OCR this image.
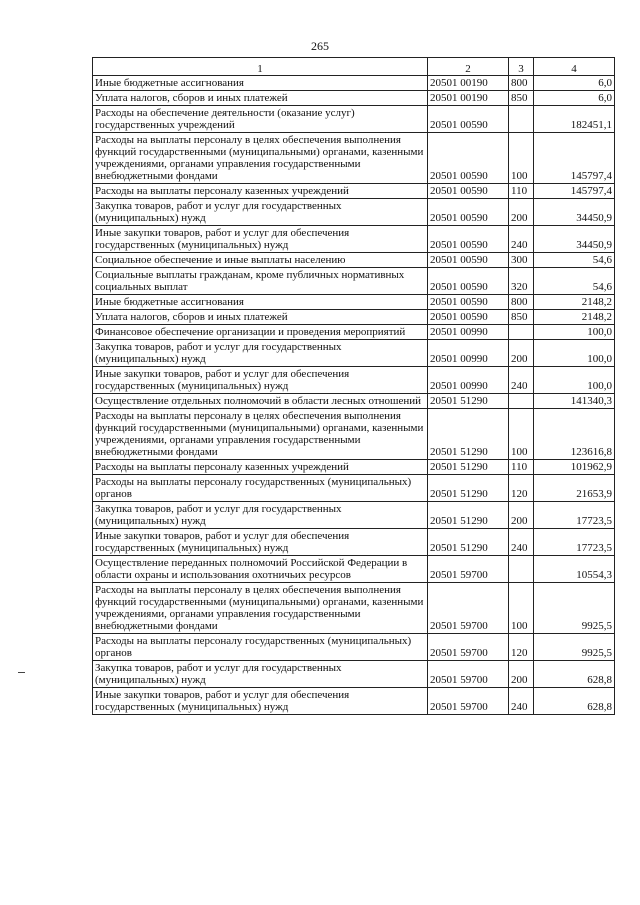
265
1	2	3	4
Иные бюджетные ассигнования	20501 00190	800	6,0
Уплата налогов, сборов и иных платежей	20501 00190	850	6,0
Расходы на обеспечение деятельности (оказание услуг) государственных учреждений	20501 00590		182451,1
Расходы на выплаты персоналу в целях обеспечения выполнения функций государственными (муниципальными) органами, казенными учреждениями, органами управления государственными внебюджетными фондами	20501 00590	100	145797,4
Расходы на выплаты персоналу казенных учреждений	20501 00590	110	145797,4
Закупка товаров, работ и услуг для государственных (муниципальных) нужд	20501 00590	200	34450,9
Иные закупки товаров, работ и услуг для обеспечения государственных (муниципальных) нужд	20501 00590	240	34450,9
Социальное обеспечение и иные выплаты населению	20501 00590	300	54,6
Социальные выплаты гражданам, кроме публичных нормативных социальных выплат	20501 00590	320	54,6
Иные бюджетные ассигнования	20501 00590	800	2148,2
Уплата налогов, сборов и иных платежей	20501 00590	850	2148,2
Финансовое обеспечение организации и проведения мероприятий	20501 00990		100,0
Закупка товаров, работ и услуг для государственных (муниципальных) нужд	20501 00990	200	100,0
Иные закупки товаров, работ и услуг для обеспечения государственных (муниципальных) нужд	20501 00990	240	100,0
Осуществление отдельных полномочий в области лесных отношений	20501 51290		141340,3
Расходы на выплаты персоналу в целях обеспечения выполнения функций государственными (муниципальными) органами, казенными учреждениями, органами управления государственными внебюджетными фондами	20501 51290	100	123616,8
Расходы на выплаты персоналу казенных учреждений	20501 51290	110	101962,9
Расходы на выплаты персоналу государственных (муниципальных) органов	20501 51290	120	21653,9
Закупка товаров, работ и услуг для государственных (муниципальных) нужд	20501 51290	200	17723,5
Иные закупки товаров, работ и услуг для обеспечения государственных (муниципальных) нужд	20501 51290	240	17723,5
Осуществление переданных полномочий Российской Федерации в области охраны и использования охотничьих ресурсов	20501 59700		10554,3
Расходы на выплаты персоналу в целях обеспечения выполнения функций государственными (муниципальными) органами, казенными учреждениями, органами управления государственными внебюджетными фондами	20501 59700	100	9925,5
Расходы на выплаты персоналу государственных (муниципальных) органов	20501 59700	120	9925,5
Закупка товаров, работ и услуг для государственных (муниципальных) нужд	20501 59700	200	628,8
Иные закупки товаров, работ и услуг для обеспечения государственных (муниципальных) нужд	20501 59700	240	628,8
